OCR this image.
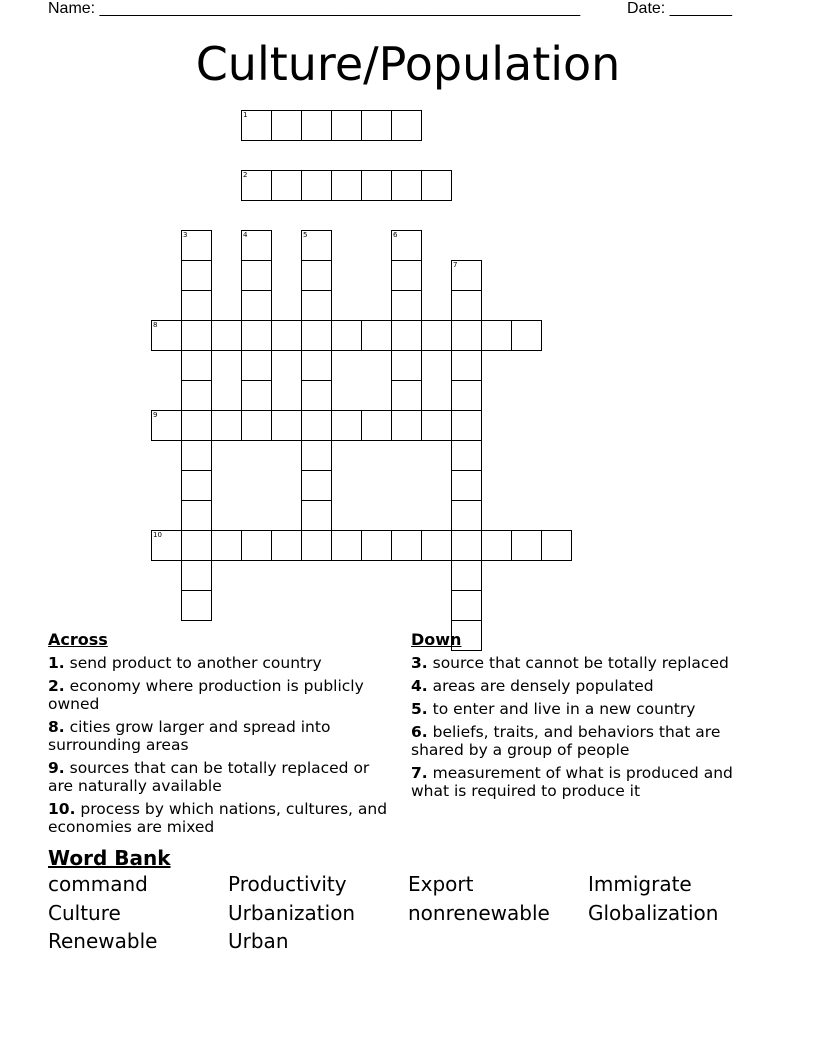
Name: ______________________________________________________	Date: _______
Culture/Population
1
2
3	4	5	6
7
8
9
10
Across
1. send product to another country
2. economy where production is publicly owned
8. cities grow larger and spread into surrounding areas
9. sources that can be totally replaced or are naturally available
10. process by which nations, cultures, and economies are mixed
Down
3. source that cannot be totally replaced
4. areas are densely populated
5. to enter and live in a new country
6. beliefs, traits, and behaviors that are shared by a group of people
7. measurement of what is produced and what is required to produce it
Word Bank
command	Productivity	Export	Immigrate
Culture	Urbanization	nonrenewable	Globalization
Renewable	Urban
